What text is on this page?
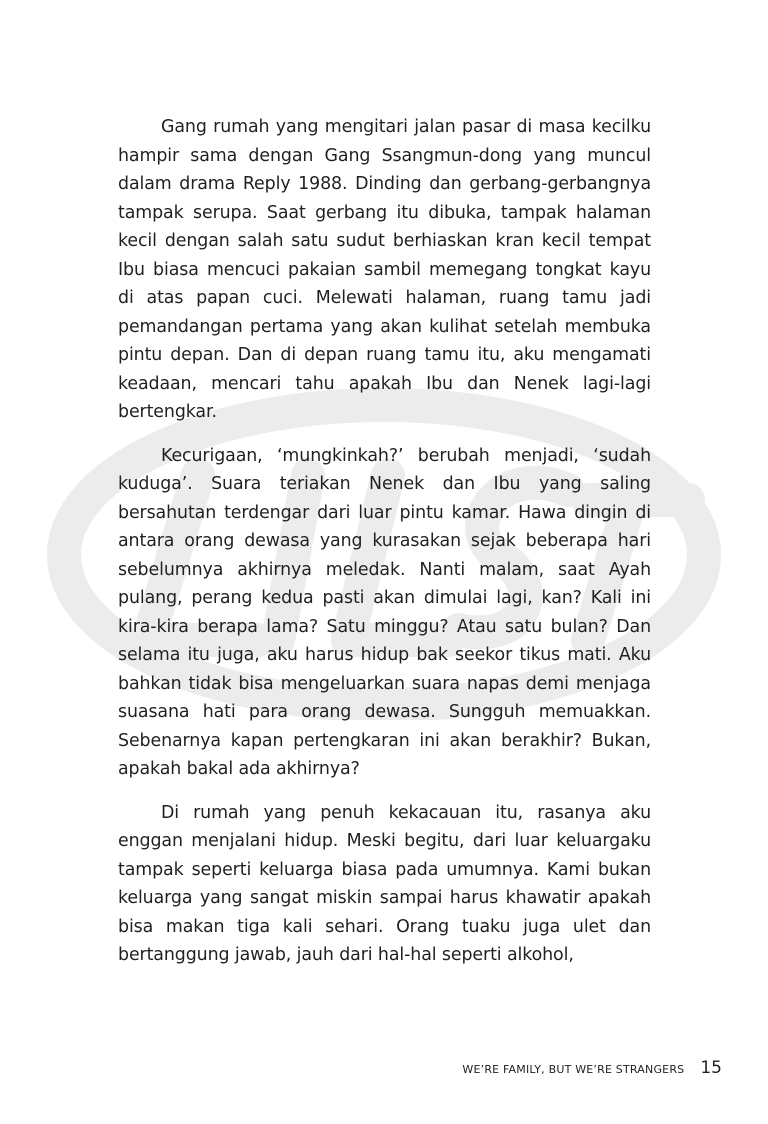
Gang rumah yang mengitari jalan pasar di masa kecilku hampir sama dengan Gang Ssangmun-dong yang muncul dalam drama Reply 1988. Dinding dan gerbang-gerbangnya tampak serupa. Saat gerbang itu dibuka, tampak halaman kecil dengan salah satu sudut berhiaskan kran kecil tempat Ibu biasa mencuci pakaian sambil memegang tongkat kayu di atas papan cuci. Melewati halaman, ruang tamu jadi pemandangan pertama yang akan kulihat setelah membuka pintu depan. Dan di depan ruang tamu itu, aku mengamati keadaan, mencari tahu apakah Ibu dan Nenek lagi-lagi bertengkar.

Kecurigaan, ‘mungkinkah?’ berubah menjadi, ‘sudah kuduga’. Suara teriakan Nenek dan Ibu yang saling bersahutan terdengar dari luar pintu kamar. Hawa dingin di antara orang dewasa yang kurasakan sejak beberapa hari sebelumnya akhirnya meledak. Nanti malam, saat Ayah pulang, perang kedua pasti akan dimulai lagi, kan? Kali ini kira-kira berapa lama? Satu minggu? Atau satu bulan? Dan selama itu juga, aku harus hidup bak seekor tikus mati. Aku bahkan tidak bisa mengeluarkan suara napas demi menjaga suasana hati para orang dewasa. Sungguh memuakkan. Sebenarnya kapan pertengkaran ini akan berakhir? Bukan, apakah bakal ada akhirnya?

Di rumah yang penuh kekacauan itu, rasanya aku enggan menjalani hidup. Meski begitu, dari luar keluargaku tampak seperti keluarga biasa pada umumnya. Kami bukan keluarga yang sangat miskin sampai harus khawatir apakah bisa makan tiga kali sehari. Orang tuaku juga ulet dan bertanggung jawab, jauh dari hal-hal seperti alkohol,

WE’RE FAMILY, BUT WE’RE STRANGERS 15
